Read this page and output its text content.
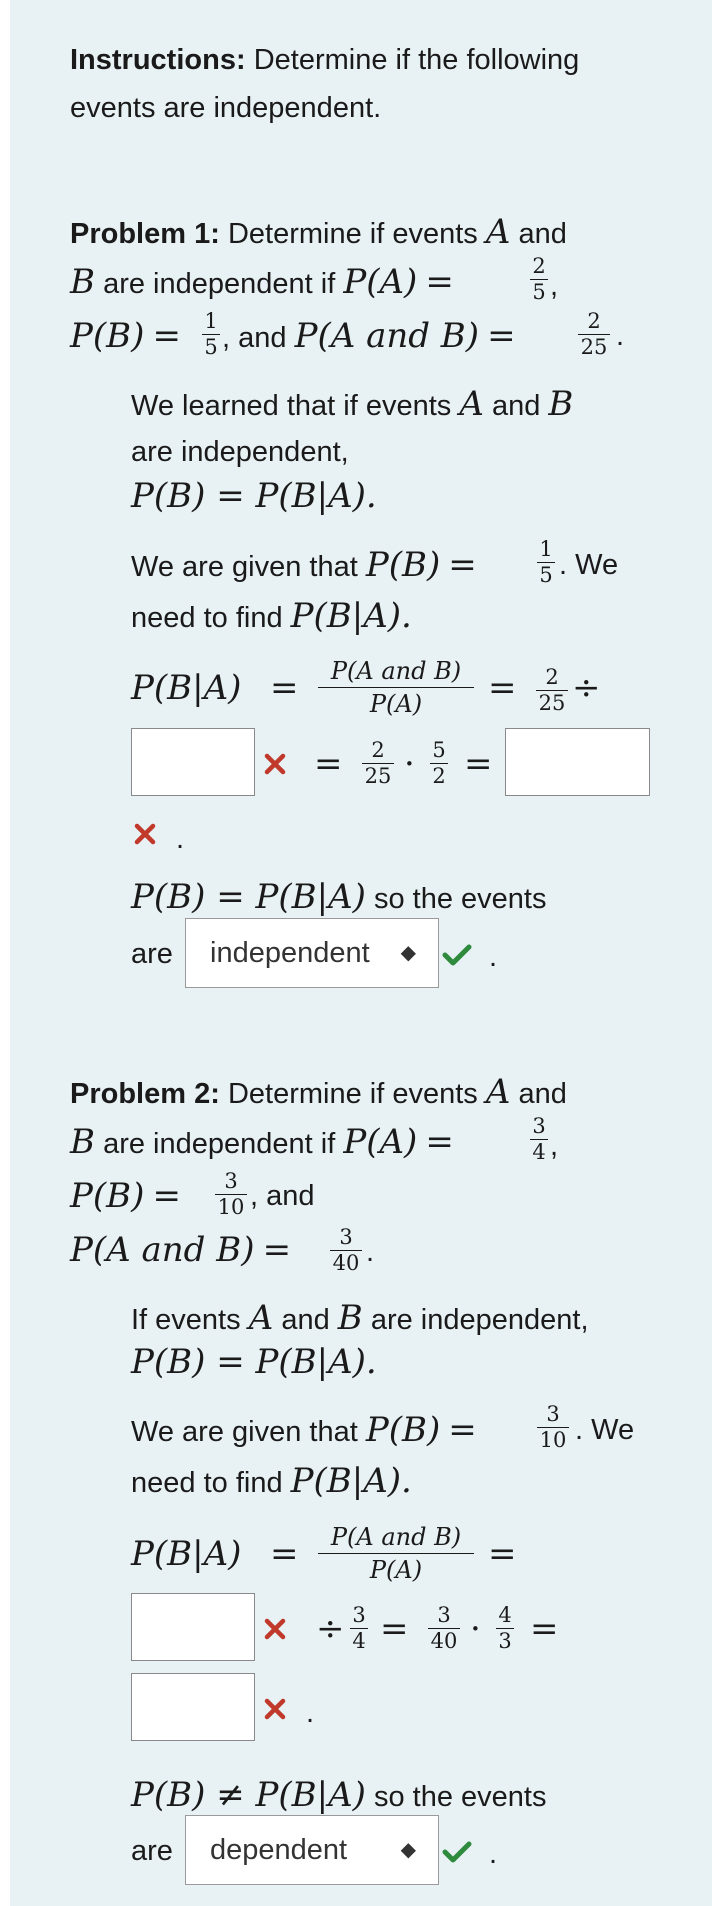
Instructions: Determine if the following
events are independent.
Problem 1: Determine if events A and
B are independent if P(A) =	2
5 ,
P(B) = 1
5 , and P(A and B) =	2
25 .
We learned that if events A and B
are independent,
P(B) = P(B|A).
We are given that P(B) =	1
5 . We
need to find P(B|A).
P(B|A) =	P(A and B)
P(A)	=	2
25 ÷
=	2
25 · 5
2 =
.
P(B) = P(B|A) so the events
are	independent ◆	.
Problem 2: Determine if events A and
B are independent if P(A) =	3
4 ,
P(B) =	3
10 , and
P(A and B) =	3
40 .
If events A and B are independent,
P(B) = P(B|A).
We are given that P(B) =	3
10 . We
need to find P(B|A).
P(B|A) =	P(A and B)
P(A)	=
÷ 3
4 =	3
40 · 4
3 =
.
P(B) ≠ P(B|A) so the events
are	dependent	◆	.
